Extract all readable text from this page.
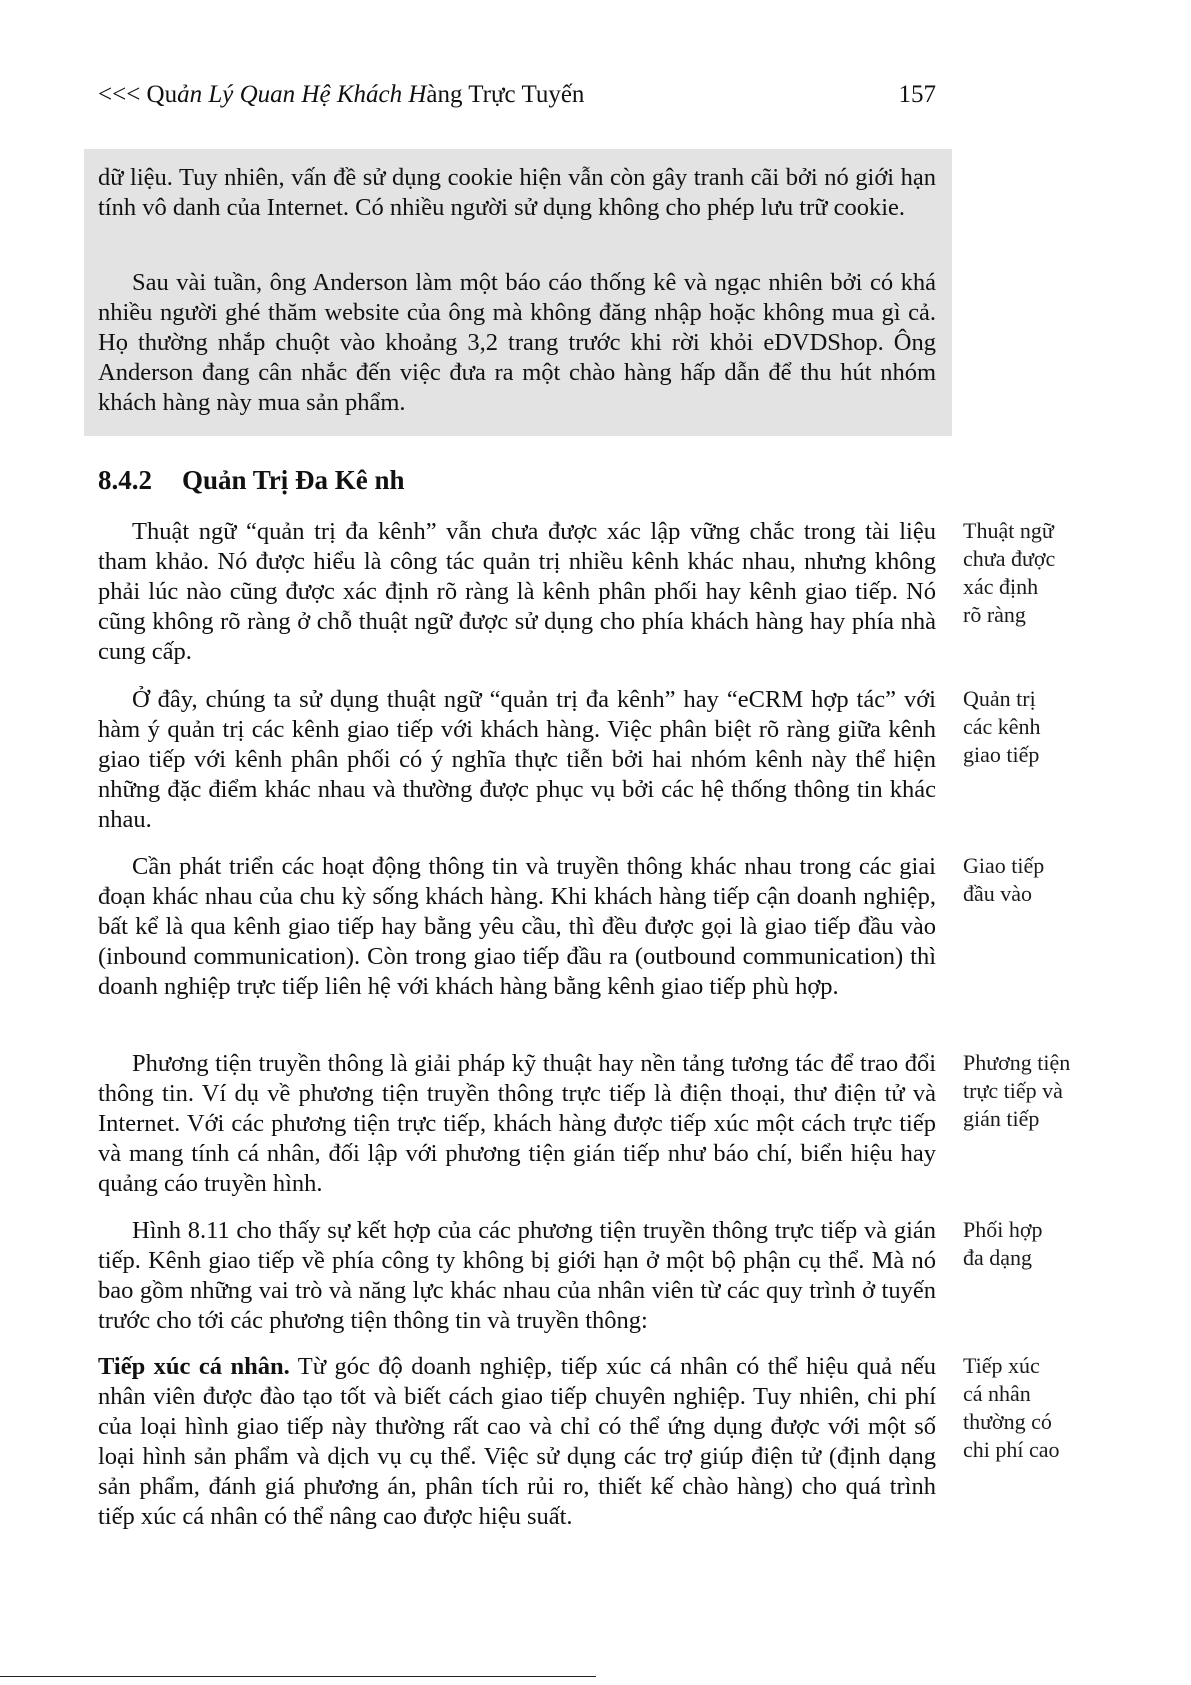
<<< Quản Lý Quan Hệ Khách Hàng Trực Tuyến	157

dữ liệu. Tuy nhiên, vấn đề sử dụng cookie hiện vẫn còn gây tranh cãi bởi nó giới hạn tính vô danh của Internet. Có nhiều người sử dụng không cho phép lưu trữ cookie.

Sau vài tuần, ông Anderson làm một báo cáo thống kê và ngạc nhiên bởi có khá nhiều người ghé thăm website của ông mà không đăng nhập hoặc không mua gì cả. Họ thường nhắp chuột vào khoảng 3,2 trang trước khi rời khỏi eDVDShop. Ông Anderson đang cân nhắc đến việc đưa ra một chào hàng hấp dẫn để thu hút nhóm khách hàng này mua sản phẩm.

8.4.2 Quản Trị Đa Kê nh

Thuật ngữ “quản trị đa kênh” vẫn chưa được xác lập vững chắc trong tài liệu tham khảo. Nó được hiểu là công tác quản trị nhiều kênh khác nhau, nhưng không phải lúc nào cũng được xác định rõ ràng là kênh phân phối hay kênh giao tiếp. Nó cũng không rõ ràng ở chỗ thuật ngữ được sử dụng cho phía khách hàng hay phía nhà cung cấp.

Ở đây, chúng ta sử dụng thuật ngữ “quản trị đa kênh” hay “eCRM hợp tác” với hàm ý quản trị các kênh giao tiếp với khách hàng. Việc phân biệt rõ ràng giữa kênh giao tiếp với kênh phân phối có ý nghĩa thực tiễn bởi hai nhóm kênh này thể hiện những đặc điểm khác nhau và thường được phục vụ bởi các hệ thống thông tin khác nhau.

Cần phát triển các hoạt động thông tin và truyền thông khác nhau trong các giai đoạn khác nhau của chu kỳ sống khách hàng. Khi khách hàng tiếp cận doanh nghiệp, bất kể là qua kênh giao tiếp hay bằng yêu cầu, thì đều được gọi là giao tiếp đầu vào (inbound communication). Còn trong giao tiếp đầu ra (outbound communication) thì doanh nghiệp trực tiếp liên hệ với khách hàng bằng kênh giao tiếp phù hợp.

Phương tiện truyền thông là giải pháp kỹ thuật hay nền tảng tương tác để trao đổi thông tin. Ví dụ về phương tiện truyền thông trực tiếp là điện thoại, thư điện tử và Internet. Với các phương tiện trực tiếp, khách hàng được tiếp xúc một cách trực tiếp và mang tính cá nhân, đối lập với phương tiện gián tiếp như báo chí, biển hiệu hay quảng cáo truyền hình.

Hình 8.11 cho thấy sự kết hợp của các phương tiện truyền thông trực tiếp và gián tiếp. Kênh giao tiếp về phía công ty không bị giới hạn ở một bộ phận cụ thể. Mà nó bao gồm những vai trò và năng lực khác nhau của nhân viên từ các quy trình ở tuyến trước cho tới các phương tiện thông tin và truyền thông:

Tiếp xúc cá nhân. Từ góc độ doanh nghiệp, tiếp xúc cá nhân có thể hiệu quả nếu nhân viên được đào tạo tốt và biết cách giao tiếp chuyên nghiệp. Tuy nhiên, chi phí của loại hình giao tiếp này thường rất cao và chỉ có thể ứng dụng được với một số loại hình sản phẩm và dịch vụ cụ thể. Việc sử dụng các trợ giúp điện tử (định dạng sản phẩm, đánh giá phương án, phân tích rủi ro, thiết kế chào hàng) cho quá trình tiếp xúc cá nhân có thể nâng cao được hiệu suất.

Thuật ngữ
chưa được
xác định
rõ ràng
Quản trị
các kênh
giao tiếp
Giao tiếp
đầu vào
Phương tiện
trực tiếp và
gián tiếp
Phối hợp
đa dạng
Tiếp xúc
cá nhân
thường có
chi phí cao
